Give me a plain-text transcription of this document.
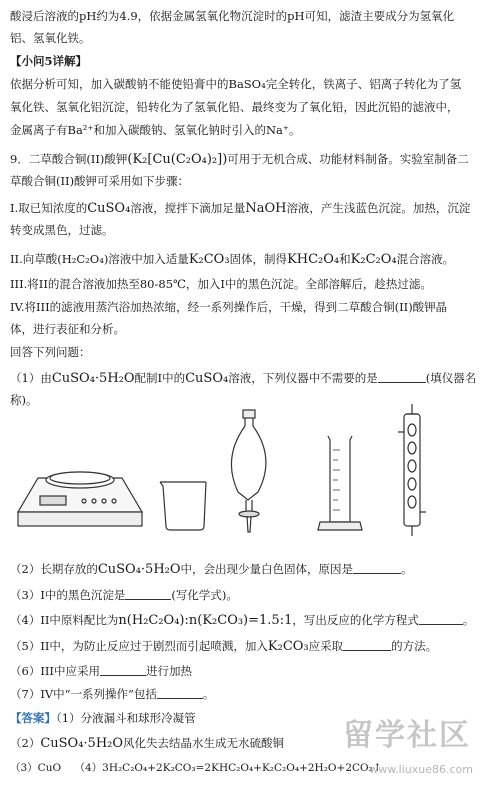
酸浸后溶液的pH约为4.9，依据金属氢氧化物沉淀时的pH可知，滤渣主要成分为氢氧化
铝、氢氧化铁。
【小问5详解】
依据分析可知，加入碳酸钠不能使铅膏中的BaSO₄完全转化，铁离子、铝离子转化为了氢
氧化铁、氢氧化铝沉淀，铅转化为了氢氧化铅、最终变为了氧化铅，因此沉铅的滤液中，
金属离子有Ba²⁺和加入碳酸钠、氢氧化钠时引入的Na⁺。
9．二草酸合铜(II)酸钾(K₂[Cu(C₂O₄)₂])可用于无机合成、功能材料制备。实验室制备二
草酸合铜(II)酸钾可采用如下步骤：
I.取已知浓度的CuSO₄溶液，搅拌下滴加足量NaOH溶液，产生浅蓝色沉淀。加热，沉淀
转变成黑色，过滤。
II.向草酸(H₂C₂O₄)溶液中加入适量K₂CO₃固体，制得KHC₂O₄和K₂C₂O₄混合溶液。
III.将II的混合溶液加热至80-85℃，加入I中的黑色沉淀。全部溶解后，趁热过滤。
IV.将III的滤液用蒸汽浴加热浓缩，经一系列操作后，干燥，得到二草酸合铜(II)酸钾晶
体，进行表征和分析。
回答下列问题：
（1）由CuSO₄·5H₂O配制I中的CuSO₄溶液，下列仪器中不需要的是	(填仪器名
称)。
（2）长期存放的CuSO₄·5H₂O中，会出现少量白色固体，原因是	。
（3）I中的黑色沉淀是	(写化学式)。
（4）II中原料配比为n(H₂C₂O₄):n(K₂CO₃)=1.5:1，写出反应的化学方程式	。
（5）II中，为防止反应过于剧烈而引起喷溅，加入K₂CO₃应采取	的方法。
（6）III中应采用	进行加热
（7）IV中“一系列操作”包括	。
【答案】（1）分液漏斗和球形冷凝管
（2）CuSO₄·5H₂O风化失去结晶水生成无水硫酸铜
（3）CuO （4）3H₂C₂O₄+2K₂CO₃=2KHC₂O₄+K₂C₂O₄+2H₂O+2CO₂↑
留学社区
www.liuxue86.com
